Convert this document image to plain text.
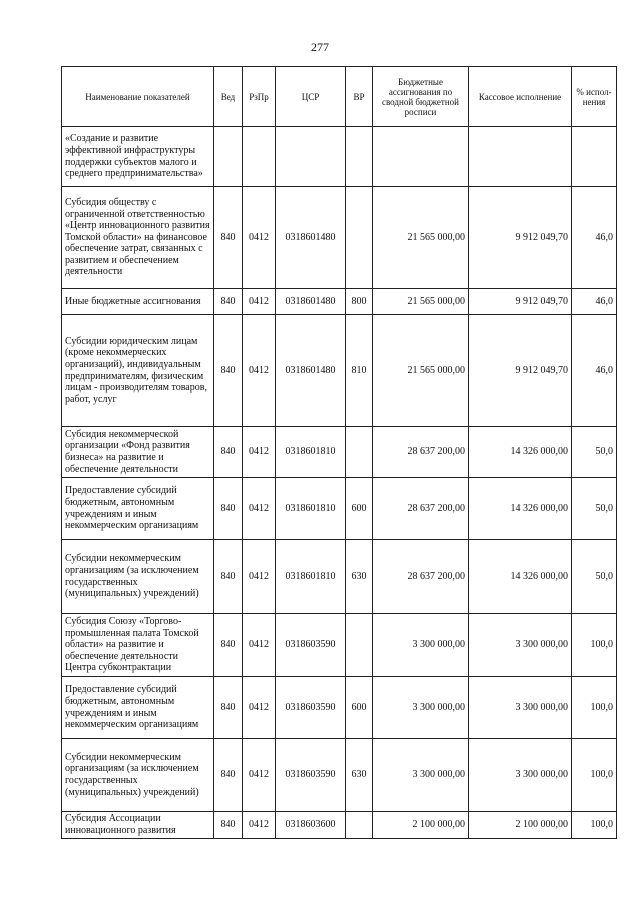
277
Наименование показателей	Вед	РзПр	ЦСР	ВР	Бюджетные ассигнования по сводной бюджетной росписи	Кассовое исполнение	% испол-нения
«Создание и развитие эффективной инфраструктуры поддержки субъектов малого и среднего предпринимательства»							
Субсидия обществу с ограниченной ответственностью «Центр инновационного развития Томской области» на финансовое обеспечение затрат, связанных с развитием и обеспечением деятельности	840	0412	0318601480		21 565 000,00	9 912 049,70	46,0
Иные бюджетные ассигнования	840	0412	0318601480	800	21 565 000,00	9 912 049,70	46,0
Субсидии юридическим лицам (кроме некоммерческих организаций), индивидуальным предпринимателям, физическим лицам - производителям товаров, работ, услуг	840	0412	0318601480	810	21 565 000,00	9 912 049,70	46,0
Субсидия некоммерческой организации «Фонд развития бизнеса» на развитие и обеспечение деятельности	840	0412	0318601810		28 637 200,00	14 326 000,00	50,0
Предоставление субсидий бюджетным, автономным учреждениям и иным некоммерческим организациям	840	0412	0318601810	600	28 637 200,00	14 326 000,00	50,0
Субсидии некоммерческим организациям (за исключением государственных (муниципальных) учреждений)	840	0412	0318601810	630	28 637 200,00	14 326 000,00	50,0
Субсидия Союзу «Торгово-промышленная палата Томской области» на развитие и обеспечение деятельности Центра субконтрактации	840	0412	0318603590		3 300 000,00	3 300 000,00	100,0
Предоставление субсидий бюджетным, автономным учреждениям и иным некоммерческим организациям	840	0412	0318603590	600	3 300 000,00	3 300 000,00	100,0
Субсидии некоммерческим организациям (за исключением государственных (муниципальных) учреждений)	840	0412	0318603590	630	3 300 000,00	3 300 000,00	100,0
Субсидия Ассоциации инновационного развития	840	0412	0318603600		2 100 000,00	2 100 000,00	100,0
